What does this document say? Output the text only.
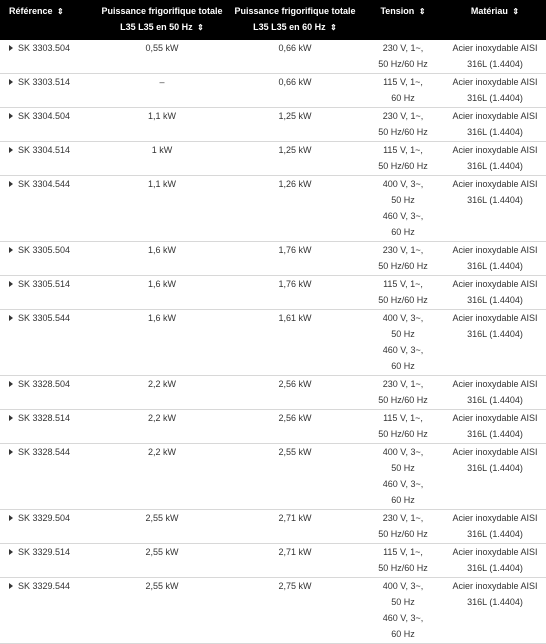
Référence ⇕	Puissance frigorifique totale L35 L35 en 50 Hz ⇕	Puissance frigorifique totale L35 L35 en 60 Hz ⇕	Tension ⇕	Matériau ⇕
SK 3303.504	0,55 kW	0,66 kW	230 V, 1~,
50 Hz/60 Hz	Acier inoxydable AISI
316L (1.4404)

SK 3303.514	–	0,66 kW	115 V, 1~,
60 Hz	Acier inoxydable AISI
316L (1.4404)

SK 3304.504	1,1 kW	1,25 kW	230 V, 1~,
50 Hz/60 Hz	Acier inoxydable AISI
316L (1.4404)

SK 3304.514	1 kW	1,25 kW	115 V, 1~,
50 Hz/60 Hz	Acier inoxydable AISI
316L (1.4404)

SK 3304.544	1,1 kW	1,26 kW	400 V, 3~,
50 Hz
460 V, 3~,
60 Hz	Acier inoxydable AISI
316L (1.4404)

SK 3305.504	1,6 kW	1,76 kW	230 V, 1~,
50 Hz/60 Hz	Acier inoxydable AISI
316L (1.4404)

SK 3305.514	1,6 kW	1,76 kW	115 V, 1~,
50 Hz/60 Hz	Acier inoxydable AISI
316L (1.4404)

SK 3305.544	1,6 kW	1,61 kW	400 V, 3~,
50 Hz
460 V, 3~,
60 Hz	Acier inoxydable AISI
316L (1.4404)

SK 3328.504	2,2 kW	2,56 kW	230 V, 1~,
50 Hz/60 Hz	Acier inoxydable AISI
316L (1.4404)

SK 3328.514	2,2 kW	2,56 kW	115 V, 1~,
50 Hz/60 Hz	Acier inoxydable AISI
316L (1.4404)

SK 3328.544	2,2 kW	2,55 kW	400 V, 3~,
50 Hz
460 V, 3~,
60 Hz	Acier inoxydable AISI
316L (1.4404)

SK 3329.504	2,55 kW	2,71 kW	230 V, 1~,
50 Hz/60 Hz	Acier inoxydable AISI
316L (1.4404)

SK 3329.514	2,55 kW	2,71 kW	115 V, 1~,
50 Hz/60 Hz	Acier inoxydable AISI
316L (1.4404)

SK 3329.544	2,55 kW	2,75 kW	400 V, 3~,
50 Hz
460 V, 3~,
60 Hz	Acier inoxydable AISI
316L (1.4404)
